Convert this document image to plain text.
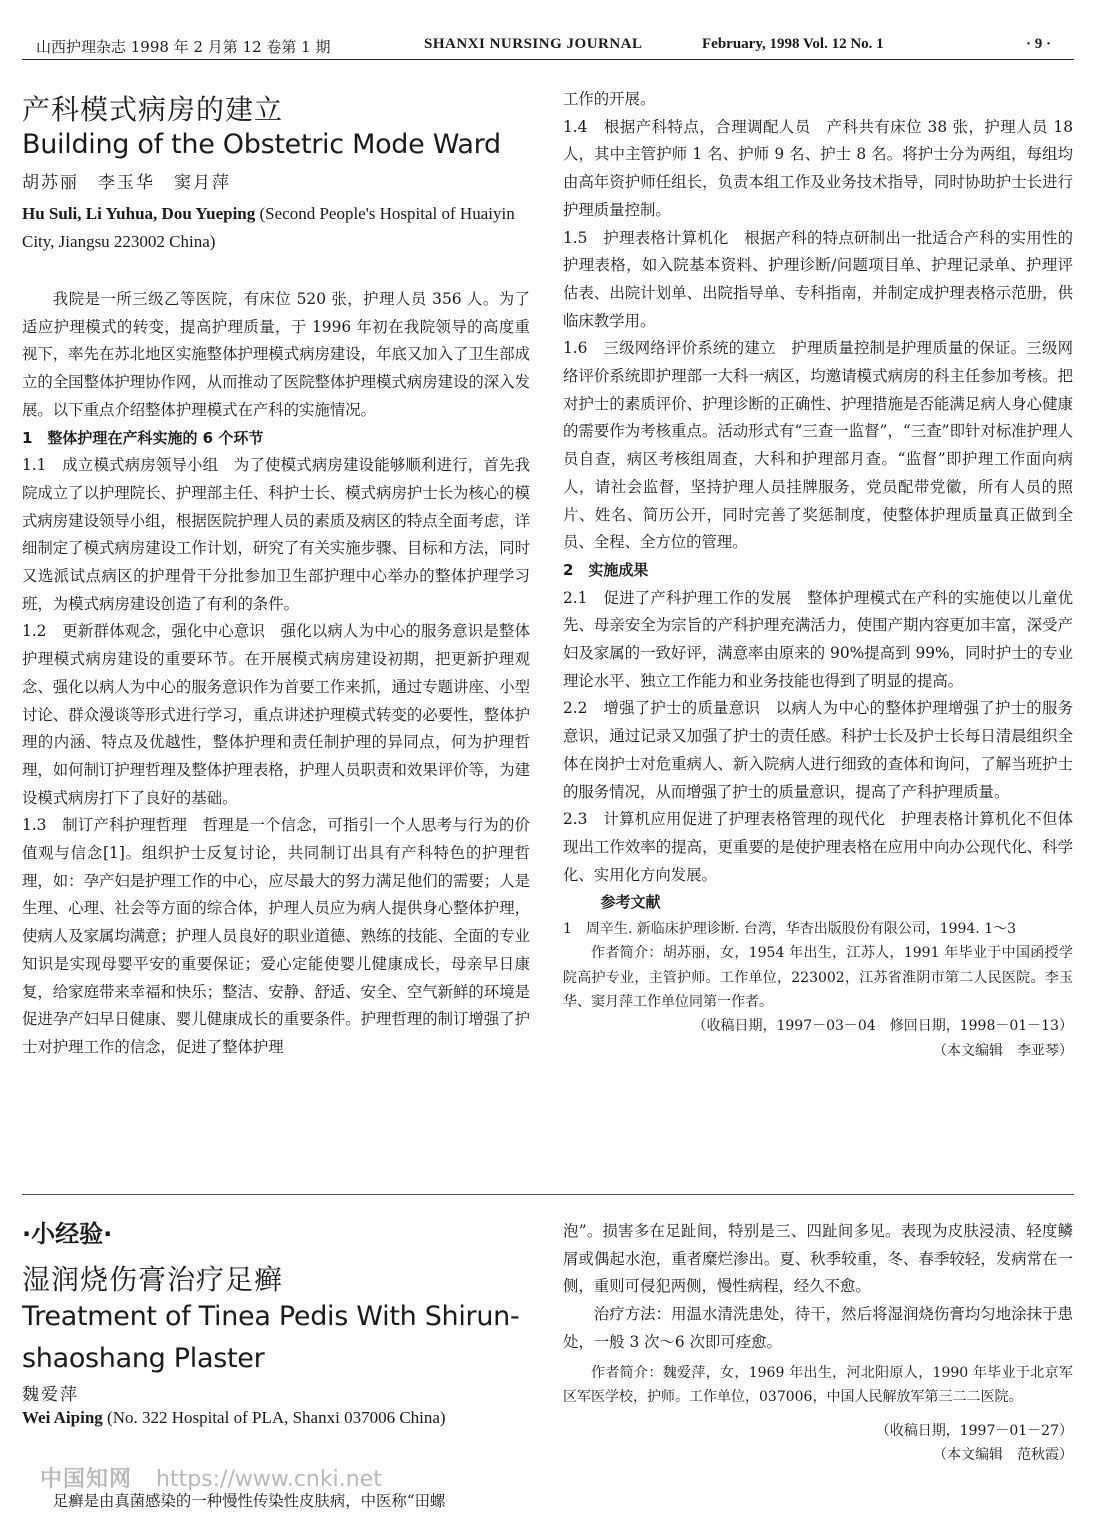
山西护理杂志 1998 年 2 月第 12 卷第 1 期	SHANXI NURSING JOURNAL	February, 1998 Vol. 12 No. 1	· 9 ·
产科模式病房的建立
Building of the Obstetric Mode Ward
胡苏丽　李玉华　窦月萍
Hu Suli, Li Yuhua, Dou Yueping (Second People's Hospital of Huaiyin City, Jiangsu 223002 China)

我院是一所三级乙等医院，有床位 520 张，护理人员 356 人。为了适应护理模式的转变，提高护理质量，于 1996 年初在我院领导的高度重视下，率先在苏北地区实施整体护理模式病房建设，年底又加入了卫生部成立的全国整体护理协作网，从而推动了医院整体护理模式病房建设的深入发展。以下重点介绍整体护理模式在产科的实施情况。

1　整体护理在产科实施的 6 个环节

1.1　成立模式病房领导小组　为了使模式病房建设能够顺利进行，首先我院成立了以护理院长、护理部主任、科护士长、模式病房护士长为核心的模式病房建设领导小组，根据医院护理人员的素质及病区的特点全面考虑，详细制定了模式病房建设工作计划，研究了有关实施步骤、目标和方法，同时又选派试点病区的护理骨干分批参加卫生部护理中心举办的整体护理学习班，为模式病房建设创造了有利的条件。

1.2　更新群体观念，强化中心意识　强化以病人为中心的服务意识是整体护理模式病房建设的重要环节。在开展模式病房建设初期，把更新护理观念、强化以病人为中心的服务意识作为首要工作来抓，通过专题讲座、小型讨论、群众漫谈等形式进行学习，重点讲述护理模式转变的必要性，整体护理的内涵、特点及优越性，整体护理和责任制护理的异同点，何为护理哲理，如何制订护理哲理及整体护理表格，护理人员职责和效果评价等，为建设模式病房打下了良好的基础。

1.3　制订产科护理哲理　哲理是一个信念，可指引一个人思考与行为的价值观与信念[1]。组织护士反复讨论，共同制订出具有产科特色的护理哲理，如：孕产妇是护理工作的中心，应尽最大的努力满足他们的需要；人是生理、心理、社会等方面的综合体，护理人员应为病人提供身心整体护理，使病人及家属均满意；护理人员良好的职业道德、熟练的技能、全面的专业知识是实现母婴平安的重要保证；爱心定能使婴儿健康成长，母亲早日康复，给家庭带来幸福和快乐；整洁、安静、舒适、安全、空气新鲜的环境是促进孕产妇早日健康、婴儿健康成长的重要条件。护理哲理的制订增强了护士对护理工作的信念，促进了整体护理

工作的开展。

1.4　根据产科特点，合理调配人员　产科共有床位 38 张，护理人员 18 人，其中主管护师 1 名、护师 9 名、护士 8 名。将护士分为两组，每组均由高年资护师任组长，负责本组工作及业务技术指导，同时协助护士长进行护理质量控制。

1.5　护理表格计算机化　根据产科的特点研制出一批适合产科的实用性的护理表格，如入院基本资料、护理诊断/问题项目单、护理记录单、护理评估表、出院计划单、出院指导单、专科指南，并制定成护理表格示范册，供临床教学用。

1.6　三级网络评价系统的建立　护理质量控制是护理质量的保证。三级网络评价系统即护理部一大科一病区，均邀请模式病房的科主任参加考核。把对护士的素质评价、护理诊断的正确性、护理措施是否能满足病人身心健康的需要作为考核重点。活动形式有“三查一监督”，“三查”即针对标准护理人员自查，病区考核组周查，大科和护理部月查。“监督”即护理工作面向病人，请社会监督，坚持护理人员挂牌服务，党员配带党徽，所有人员的照片、姓名、简历公开，同时完善了奖惩制度，使整体护理质量真正做到全员、全程、全方位的管理。

2　实施成果

2.1　促进了产科护理工作的发展　整体护理模式在产科的实施使以儿童优先、母亲安全为宗旨的产科护理充满活力，使围产期内容更加丰富，深受产妇及家属的一致好评，满意率由原来的 90%提高到 99%，同时护士的专业理论水平、独立工作能力和业务技能也得到了明显的提高。

2.2　增强了护士的质量意识　以病人为中心的整体护理增强了护士的服务意识，通过记录又加强了护士的责任感。科护士长及护士长每日清晨组织全体在岗护士对危重病人、新入院病人进行细致的查体和询问，了解当班护士的服务情况，从而增强了护士的质量意识，提高了产科护理质量。

2.3　计算机应用促进了护理表格管理的现代化　护理表格计算机化不但体现出工作效率的提高，更重要的是使护理表格在应用中向办公现代化、科学化、实用化方向发展。

参考文献

1　周辛生. 新临床护理诊断. 台湾，华杏出版股份有限公司，1994. 1～3

作者简介：胡苏丽，女，1954 年出生，江苏人，1991 年毕业于中国函授学院高护专业，主管护师。工作单位，223002，江苏省淮阴市第二人民医院。李玉华、窦月萍工作单位同第一作者。

（收稿日期，1997－03－04　修回日期，1998－01－13）

（本文编辑　李亚琴）

·小经验·
湿润烧伤膏治疗足癣
Treatment of Tinea Pedis With Shirun-shaoshang Plaster
魏爱萍
Wei Aiping (No. 322 Hospital of PLA, Shanxi 037006 China)

足癣是由真菌感染的一种慢性传染性皮肤病，中医称“田螺

泡”。损害多在足趾间，特别是三、四趾间多见。表现为皮肤浸渍、轻度鳞屑或偶起水泡，重者糜烂渗出。夏、秋季较重，冬、春季较轻，发病常在一侧，重则可侵犯两侧，慢性病程，经久不愈。

治疗方法：用温水清洗患处，待干，然后将湿润烧伤膏均匀地涂抹于患处，一般 3 次～6 次即可痊愈。

作者简介：魏爱萍，女，1969 年出生，河北阳原人，1990 年毕业于北京军区军医学校，护师。工作单位，037006，中国人民解放军第三二二医院。

（收稿日期，1997－01－27）

（本文编辑　范秋霞）

中国知网 https://www.cnki.net
